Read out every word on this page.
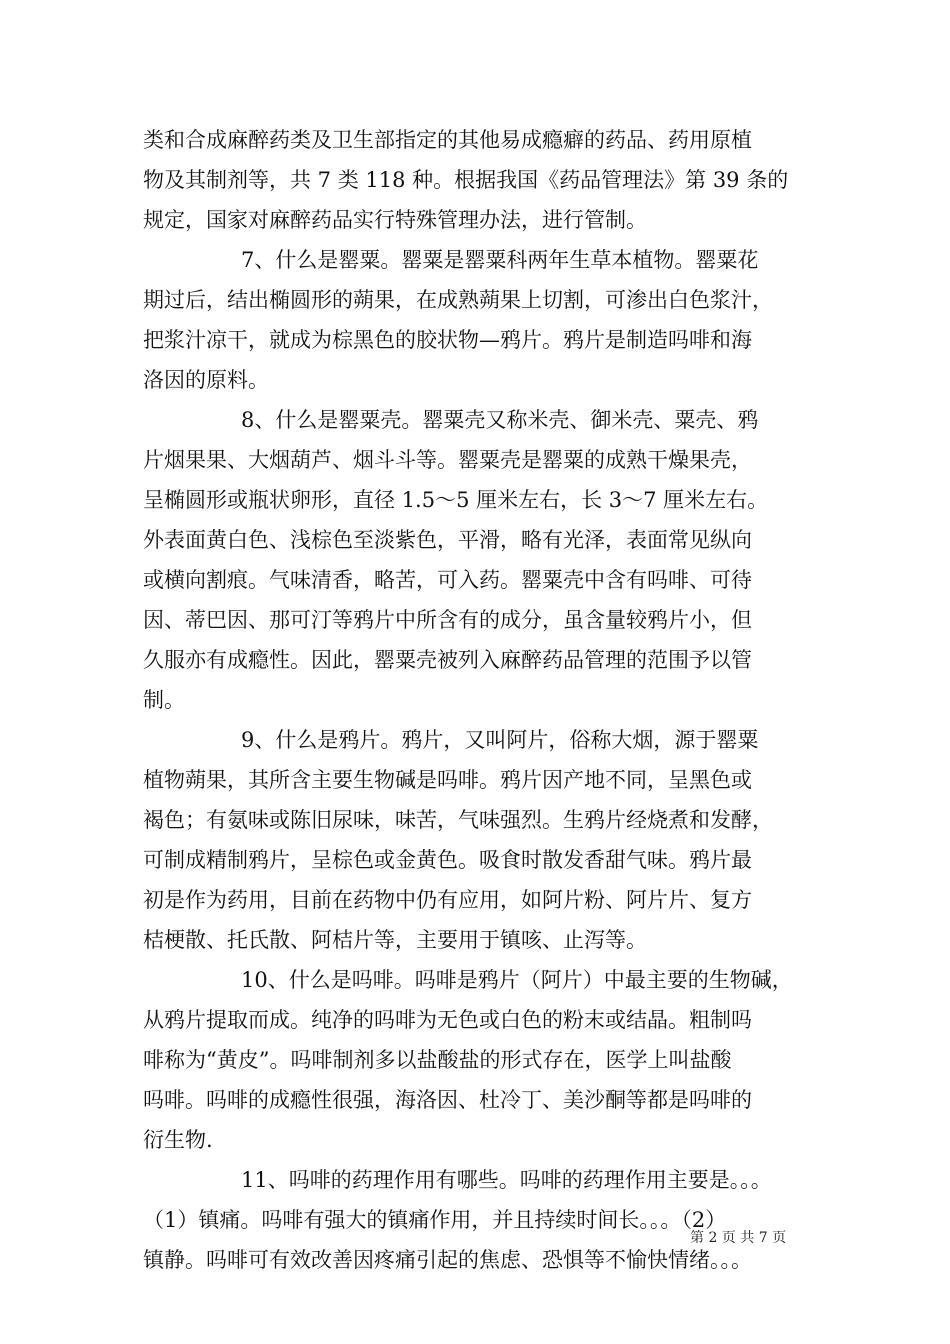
类和合成麻醉药类及卫生部指定的其他易成瘾癖的药品、药用原植
物及其制剂等，共 7 类 118 种。根据我国《药品管理法》第 39 条的
规定，国家对麻醉药品实行特殊管理办法，进行管制。
7、什么是罂粟。罂粟是罂粟科两年生草本植物。罂粟花
期过后，结出椭圆形的蒴果，在成熟蒴果上切割，可渗出白色浆汁，
把浆汁凉干，就成为棕黑色的胶状物—鸦片。鸦片是制造吗啡和海
洛因的原料。
8、什么是罂粟壳。罂粟壳又称米壳、御米壳、粟壳、鸦
片烟果果、大烟葫芦、烟斗斗等。罂粟壳是罂粟的成熟干燥果壳，
呈椭圆形或瓶状卵形，直径 1.5～5 厘米左右，长 3～7 厘米左右。
外表面黄白色、浅棕色至淡紫色，平滑，略有光泽，表面常见纵向
或横向割痕。气味清香，略苦，可入药。罂粟壳中含有吗啡、可待
因、蒂巴因、那可汀等鸦片中所含有的成分，虽含量较鸦片小，但
久服亦有成瘾性。因此，罂粟壳被列入麻醉药品管理的范围予以管
制。
9、什么是鸦片。鸦片，又叫阿片，俗称大烟，源于罂粟
植物蒴果，其所含主要生物碱是吗啡。鸦片因产地不同，呈黑色或
褐色；有氨味或陈旧尿味，味苦，气味强烈。生鸦片经烧煮和发酵，
可制成精制鸦片，呈棕色或金黄色。吸食时散发香甜气味。鸦片最
初是作为药用，目前在药物中仍有应用，如阿片粉、阿片片、复方
桔梗散、托氏散、阿桔片等，主要用于镇咳、止泻等。
10、什么是吗啡。吗啡是鸦片（阿片）中最主要的生物碱，
从鸦片提取而成。纯净的吗啡为无色或白色的粉末或结晶。粗制吗
啡称为“黄皮”。吗啡制剂多以盐酸盐的形式存在，医学上叫盐酸
吗啡。吗啡的成瘾性很强，海洛因、杜冷丁、美沙酮等都是吗啡的
衍生物.
11、吗啡的药理作用有哪些。吗啡的药理作用主要是。。。
（1）镇痛。吗啡有强大的镇痛作用，并且持续时间长。。。（2）
镇静。吗啡可有效改善因疼痛引起的焦虑、恐惧等不愉快情绪。。。
第 2 页 共 7 页
